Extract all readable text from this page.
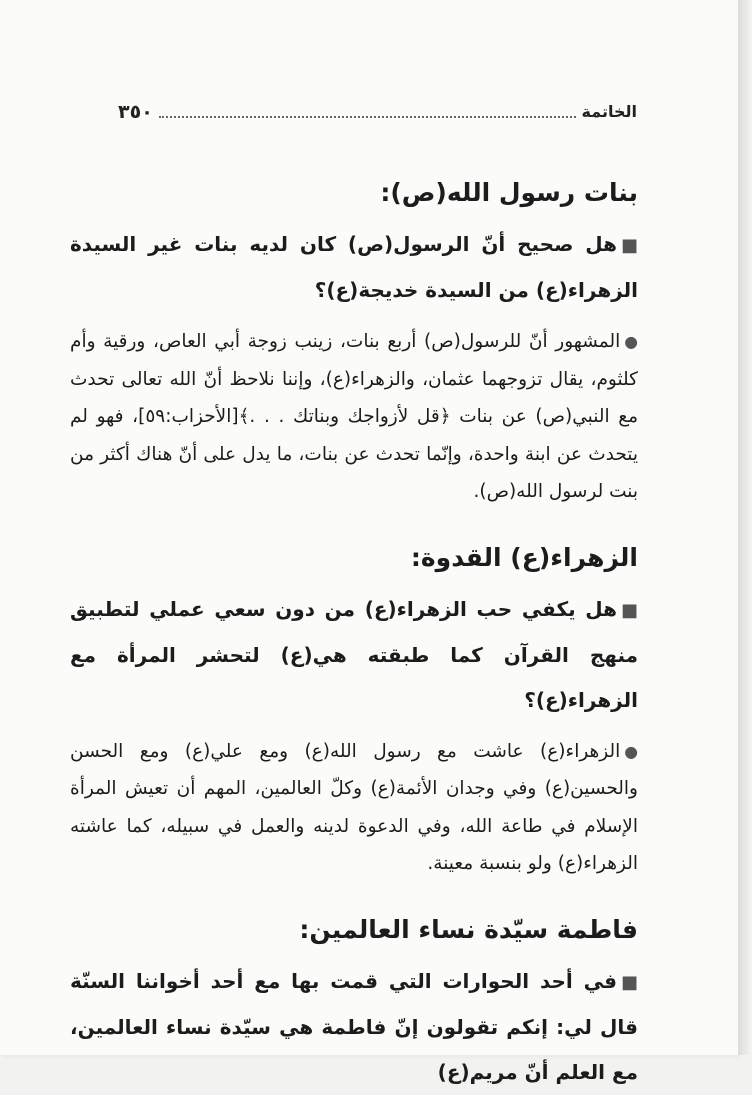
٣٥٠	الخاتمة
بنات رسول الله(ص):

■هل صحيح أنّ الرسول(ص) كان لديه بنات غير السيدة الزهراء(ع) من السيدة خديجة(ع)؟

●المشهور أنّ للرسول(ص) أربع بنات، زينب زوجة أبي العاص، ورقية وأم كلثوم، يقال تزوجهما عثمان، والزهراء(ع)، وإننا نلاحظ أنّ الله تعالى تحدث مع النبي(ص) عن بنات ﴿قل لأزواجك وبناتك . . .﴾[الأحزاب:٥٩]، فهو لم يتحدث عن ابنة واحدة، وإنّما تحدث عن بنات، ما يدل على أنّ هناك أكثر من بنت لرسول الله(ص).

الزهراء(ع) القدوة:

■هل يكفي حب الزهراء(ع) من دون سعي عملي لتطبيق منهج القرآن كما طبقته هي(ع) لتحشر المرأة مع الزهراء(ع)؟

●الزهراء(ع) عاشت مع رسول الله(ع) ومع علي(ع) ومع الحسن والحسين(ع) وفي وجدان الأئمة(ع) وكلّ العالمين، المهم أن تعيش المرأة الإسلام في طاعة الله، وفي الدعوة لدينه والعمل في سبيله، كما عاشته الزهراء(ع) ولو بنسبة معينة.

فاطمة سيّدة نساء العالمين:

■في أحد الحوارات التي قمت بها مع أحد أخواننا السنّة قال لي: إنكم تقولون إنّ فاطمة هي سيّدة نساء العالمين، مع العلم أنّ مريم(ع)
